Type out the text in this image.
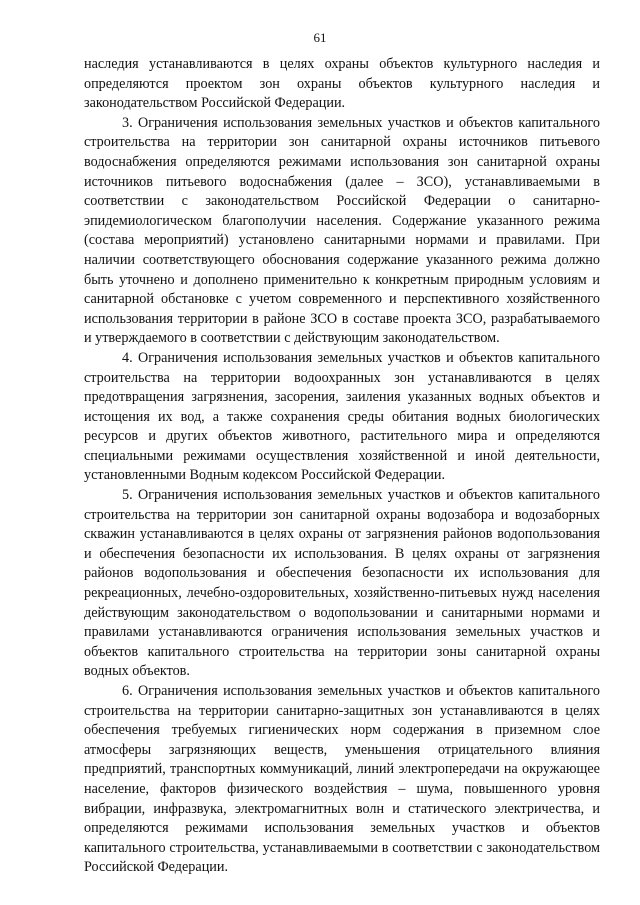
61

наследия устанавливаются в целях охраны объектов культурного наследия и определяются проектом зон охраны объектов культурного наследия и законодательством Российской Федерации.

3. Ограничения использования земельных участков и объектов капитального строительства на территории зон санитарной охраны источников питьевого водоснабжения определяются режимами использования зон санитарной охраны источников питьевого водоснабжения (далее – ЗСО), устанавливаемыми в соответствии с законодательством Российской Федерации о санитарно-эпидемиологическом благополучии населения. Содержание указанного режима (состава мероприятий) установлено санитарными нормами и правилами. При наличии соответствующего обоснования содержание указанного режима должно быть уточнено и дополнено применительно к конкретным природным условиям и санитарной обстановке с учетом современного и перспективного хозяйственного использования территории в районе ЗСО в составе проекта ЗСО, разрабатываемого и утверждаемого в соответствии с действующим законодательством.

4. Ограничения использования земельных участков и объектов капитального строительства на территории водоохранных зон устанавливаются в целях предотвращения загрязнения, засорения, заиления указанных водных объектов и истощения их вод, а также сохранения среды обитания водных биологических ресурсов и других объектов животного, растительного мира и определяются специальными режимами осуществления хозяйственной и иной деятельности, установленными Водным кодексом Российской Федерации.

5. Ограничения использования земельных участков и объектов капитального строительства на территории зон санитарной охраны водозабора и водозаборных скважин устанавливаются в целях охраны от загрязнения районов водопользования и обеспечения безопасности их использования. В целях охраны от загрязнения районов водопользования и обеспечения безопасности их использования для рекреационных, лечебно-оздоровительных, хозяйственно-питьевых нужд населения действующим законодательством о водопользовании и санитарными нормами и правилами устанавливаются ограничения использования земельных участков и объектов капитального строительства на территории зоны санитарной охраны водных объектов.

6. Ограничения использования земельных участков и объектов капитального строительства на территории санитарно-защитных зон устанавливаются в целях обеспечения требуемых гигиенических норм содержания в приземном слое атмосферы загрязняющих веществ, уменьшения отрицательного влияния предприятий, транспортных коммуникаций, линий электропередачи на окружающее население, факторов физического воздействия – шума, повышенного уровня вибрации, инфразвука, электромагнитных волн и статического электричества, и определяются режимами использования земельных участков и объектов капитального строительства, устанавливаемыми в соответствии с законодательством Российской Федерации.
